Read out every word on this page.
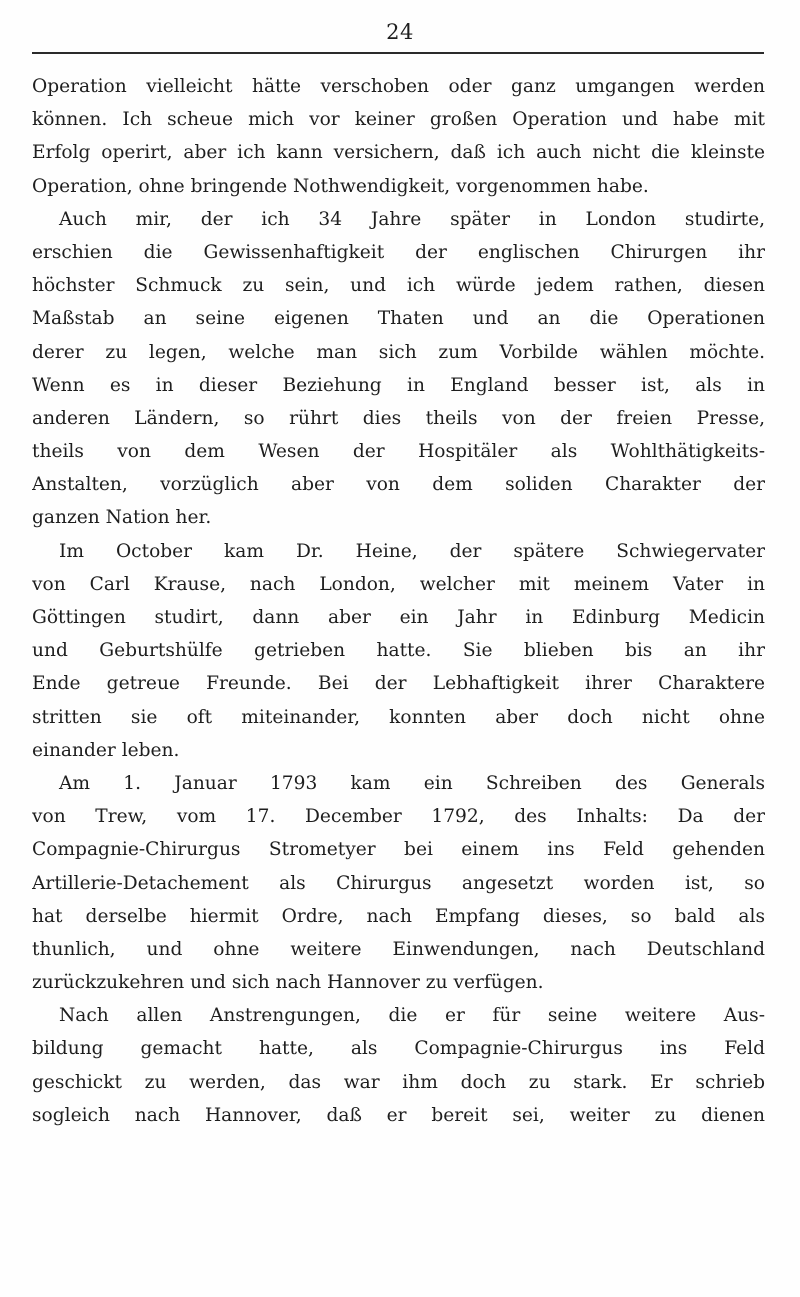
24
Operation vielleicht hätte verschoben oder ganz umgangen werden
können. Ich scheue mich vor keiner großen Operation und habe mit
Erfolg operirt, aber ich kann versichern, daß ich auch nicht die kleinste
Operation, ohne bringende Nothwendigkeit, vorgenommen habe.
Auch mir, der ich 34 Jahre später in London studirte,
erschien die Gewissenhaftigkeit der englischen Chirurgen ihr
höchster Schmuck zu sein, und ich würde jedem rathen, diesen
Maßstab an seine eigenen Thaten und an die Operationen
derer zu legen, welche man sich zum Vorbilde wählen möchte.
Wenn es in dieser Beziehung in England besser ist, als in
anderen Ländern, so rührt dies theils von der freien Presse,
theils von dem Wesen der Hospitäler als Wohlthätigkeits-
Anstalten, vorzüglich aber von dem soliden Charakter der
ganzen Nation her.
Im October kam Dr. Heine, der spätere Schwiegervater
von Carl Krause, nach London, welcher mit meinem Vater in
Göttingen studirt, dann aber ein Jahr in Edinburg Medicin
und Geburtshülfe getrieben hatte. Sie blieben bis an ihr
Ende getreue Freunde. Bei der Lebhaftigkeit ihrer Charaktere
stritten sie oft miteinander, konnten aber doch nicht ohne
einander leben.
Am 1. Januar 1793 kam ein Schreiben des Generals
von Trew, vom 17. December 1792, des Inhalts: Da der
Compagnie-Chirurgus Strometyer bei einem ins Feld gehenden
Artillerie-Detachement als Chirurgus angesetzt worden ist, so
hat derselbe hiermit Ordre, nach Empfang dieses, so bald als
thunlich, und ohne weitere Einwendungen, nach Deutschland
zurückzukehren und sich nach Hannover zu verfügen.
Nach allen Anstrengungen, die er für seine weitere Aus-
bildung gemacht hatte, als Compagnie-Chirurgus ins Feld
geschickt zu werden, das war ihm doch zu stark. Er schrieb
sogleich nach Hannover, daß er bereit sei, weiter zu dienen
